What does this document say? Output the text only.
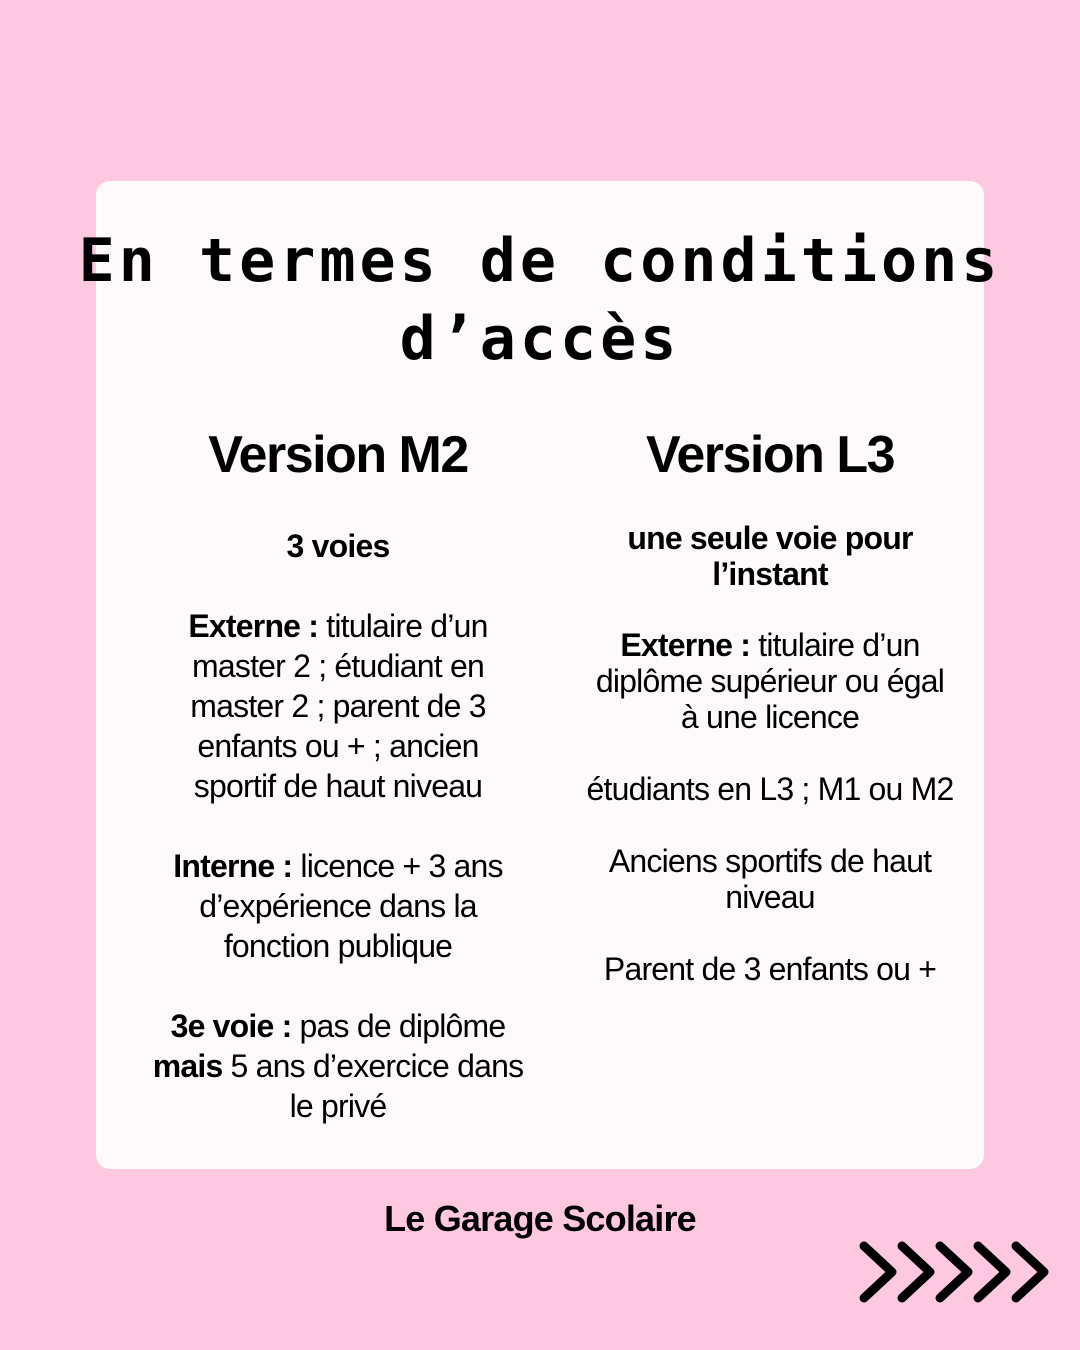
En termes de conditions
d’accès
Version M2
3 voies
Externe : titulaire d’un
master 2 ; étudiant en
master 2 ; parent de 3
enfants ou + ; ancien
sportif de haut niveau
Interne : licence + 3 ans
d’expérience dans la
fonction publique
3e voie : pas de diplôme
mais 5 ans d’exercice dans
le privé
Version L3
une seule voie pour
l’instant
Externe : titulaire d’un
diplôme supérieur ou égal
à une licence
étudiants en L3 ; M1 ou M2
Anciens sportifs de haut
niveau
Parent de 3 enfants ou +
Le Garage Scolaire
